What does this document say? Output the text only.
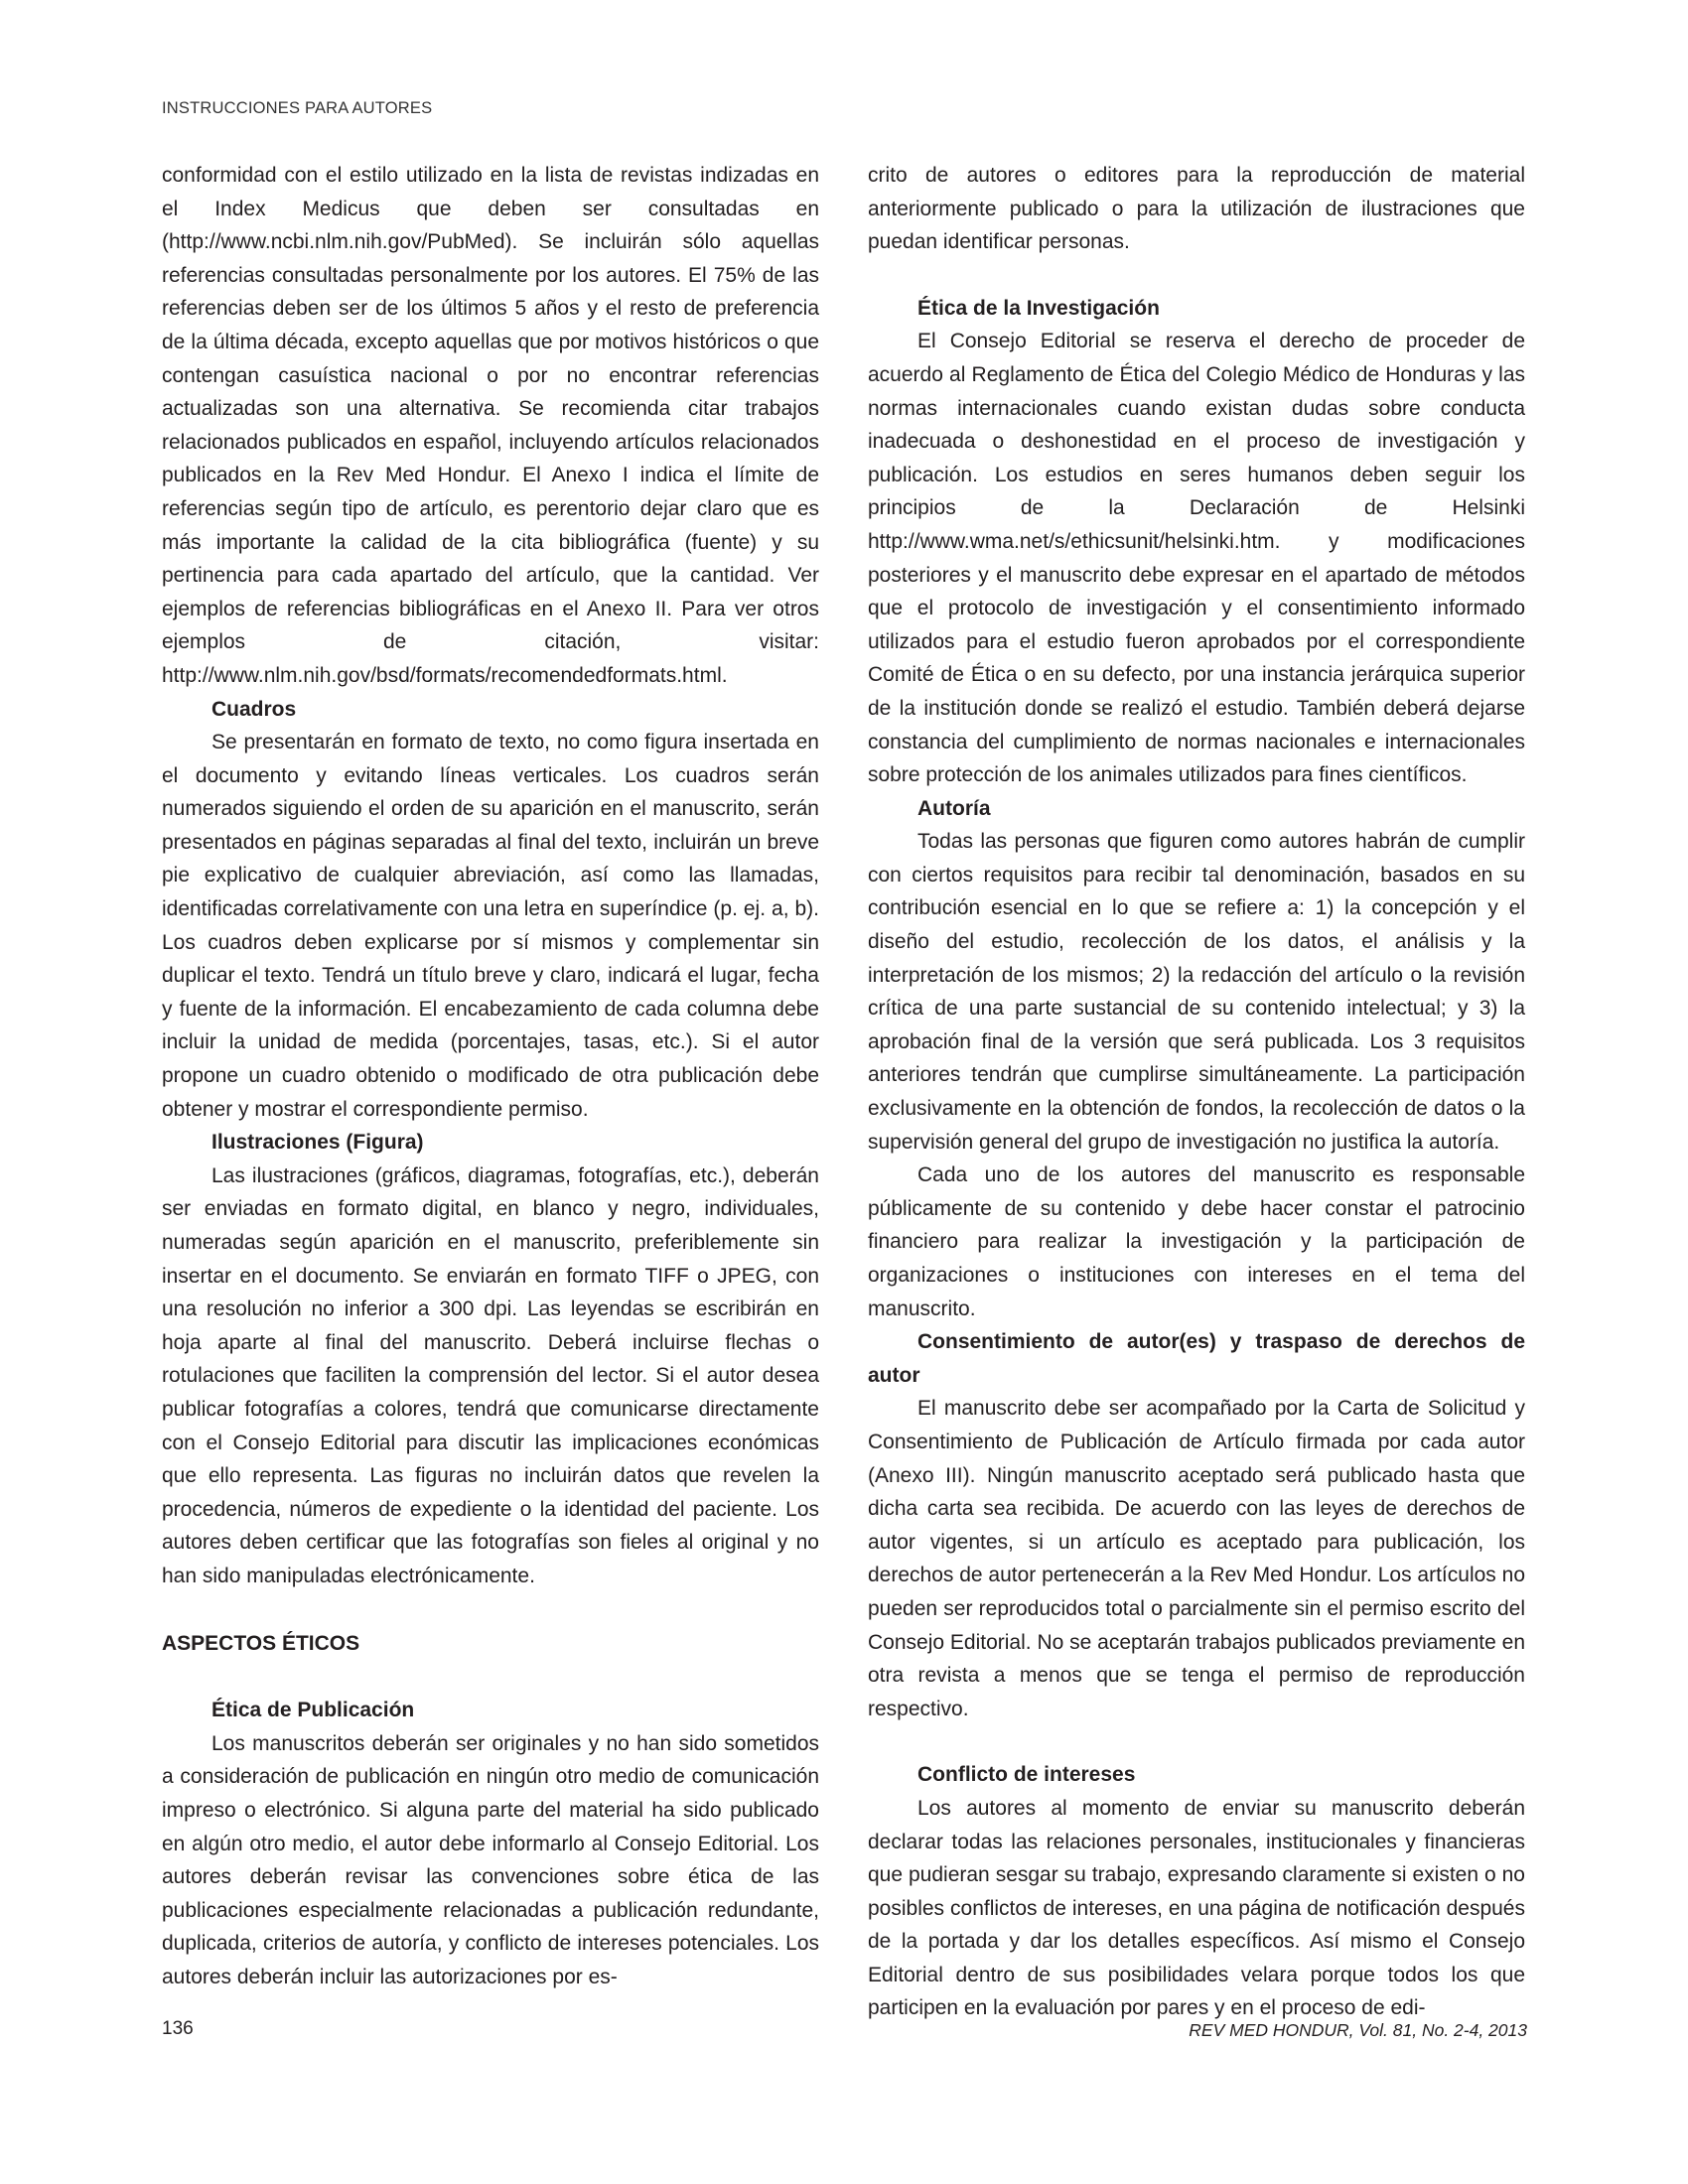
INSTRUCCIONES PARA AUTORES

conformidad con el estilo utilizado en la lista de revistas indizadas en el Index Medicus que deben ser consultadas en (http://www.ncbi.nlm.nih.gov/PubMed). Se incluirán sólo aquellas referencias consultadas personalmente por los autores. El 75% de las referencias deben ser de los últimos 5 años y el resto de preferencia de la última década, excepto aquellas que por motivos históricos o que contengan casuística nacional o por no encontrar referencias actualizadas son una alternativa. Se recomienda citar trabajos relacionados publicados en español, incluyendo artículos relacionados publicados en la Rev Med Hondur. El Anexo I indica el límite de referencias según tipo de artículo, es perentorio dejar claro que es más importante la calidad de la cita bibliográfica (fuente) y su pertinencia para cada apartado del artículo, que la cantidad. Ver ejemplos de referencias bibliográficas en el Anexo II. Para ver otros ejemplos de citación, visitar: http://www.nlm.nih.gov/bsd/formats/recomendedformats.html.

Cuadros

Se presentarán en formato de texto, no como figura insertada en el documento y evitando líneas verticales. Los cuadros serán numerados siguiendo el orden de su aparición en el manuscrito, serán presentados en páginas separadas al final del texto, incluirán un breve pie explicativo de cualquier abreviación, así como las llamadas, identificadas correlativamente con una letra en superíndice (p. ej. a, b). Los cuadros deben explicarse por sí mismos y complementar sin duplicar el texto. Tendrá un título breve y claro, indicará el lugar, fecha y fuente de la información. El encabezamiento de cada columna debe incluir la unidad de medida (porcentajes, tasas, etc.). Si el autor propone un cuadro obtenido o modificado de otra publicación debe obtener y mostrar el correspondiente permiso.

Ilustraciones (Figura)

Las ilustraciones (gráficos, diagramas, fotografías, etc.), deberán ser enviadas en formato digital, en blanco y negro, individuales, numeradas según aparición en el manuscrito, preferiblemente sin insertar en el documento. Se enviarán en formato TIFF o JPEG, con una resolución no inferior a 300 dpi. Las leyendas se escribirán en hoja aparte al final del manuscrito. Deberá incluirse flechas o rotulaciones que faciliten la comprensión del lector. Si el autor desea publicar fotografías a colores, tendrá que comunicarse directamente con el Consejo Editorial para discutir las implicaciones económicas que ello representa. Las figuras no incluirán datos que revelen la procedencia, números de expediente o la identidad del paciente. Los autores deben certificar que las fotografías son fieles al original y no han sido manipuladas electrónicamente.

ASPECTOS ÉTICOS
Ética de Publicación

Los manuscritos deberán ser originales y no han sido sometidos a consideración de publicación en ningún otro medio de comunicación impreso o electrónico. Si alguna parte del material ha sido publicado en algún otro medio, el autor debe informarlo al Consejo Editorial. Los autores deberán revisar las convenciones sobre ética de las publicaciones especialmente relacionadas a publicación redundante, duplicada, criterios de autoría, y conflicto de intereses potenciales. Los autores deberán incluir las autorizaciones por es-

crito de autores o editores para la reproducción de material anteriormente publicado o para la utilización de ilustraciones que puedan identificar personas.

Ética de la Investigación

El Consejo Editorial se reserva el derecho de proceder de acuerdo al Reglamento de Ética del Colegio Médico de Honduras y las normas internacionales cuando existan dudas sobre conducta inadecuada o deshonestidad en el proceso de investigación y publicación. Los estudios en seres humanos deben seguir los principios de la Declaración de Helsinki http://www.wma.net/s/ethicsunit/helsinki.htm. y modificaciones posteriores y el manuscrito debe expresar en el apartado de métodos que el protocolo de investigación y el consentimiento informado utilizados para el estudio fueron aprobados por el correspondiente Comité de Ética o en su defecto, por una instancia jerárquica superior de la institución donde se realizó el estudio. También deberá dejarse constancia del cumplimiento de normas nacionales e internacionales sobre protección de los animales utilizados para fines científicos.

Autoría

Todas las personas que figuren como autores habrán de cumplir con ciertos requisitos para recibir tal denominación, basados en su contribución esencial en lo que se refiere a: 1) la concepción y el diseño del estudio, recolección de los datos, el análisis y la interpretación de los mismos; 2) la redacción del artículo o la revisión crítica de una parte sustancial de su contenido intelectual; y 3) la aprobación final de la versión que será publicada. Los 3 requisitos anteriores tendrán que cumplirse simultáneamente. La participación exclusivamente en la obtención de fondos, la recolección de datos o la supervisión general del grupo de investigación no justifica la autoría.

Cada uno de los autores del manuscrito es responsable públicamente de su contenido y debe hacer constar el patrocinio financiero para realizar la investigación y la participación de organizaciones o instituciones con intereses en el tema del manuscrito.

Consentimiento de autor(es) y traspaso de derechos de autor

El manuscrito debe ser acompañado por la Carta de Solicitud y Consentimiento de Publicación de Artículo firmada por cada autor (Anexo III). Ningún manuscrito aceptado será publicado hasta que dicha carta sea recibida. De acuerdo con las leyes de derechos de autor vigentes, si un artículo es aceptado para publicación, los derechos de autor pertenecerán a la Rev Med Hondur. Los artículos no pueden ser reproducidos total o parcialmente sin el permiso escrito del Consejo Editorial. No se aceptarán trabajos publicados previamente en otra revista a menos que se tenga el permiso de reproducción respectivo.

Conflicto de intereses

Los autores al momento de enviar su manuscrito deberán declarar todas las relaciones personales, institucionales y financieras que pudieran sesgar su trabajo, expresando claramente si existen o no posibles conflictos de intereses, en una página de notificación después de la portada y dar los detalles específicos. Así mismo el Consejo Editorial dentro de sus posibilidades velara porque todos los que participen en la evaluación por pares y en el proceso de edi-

136	REV MED HONDUR, Vol. 81, No. 2-4, 2013
